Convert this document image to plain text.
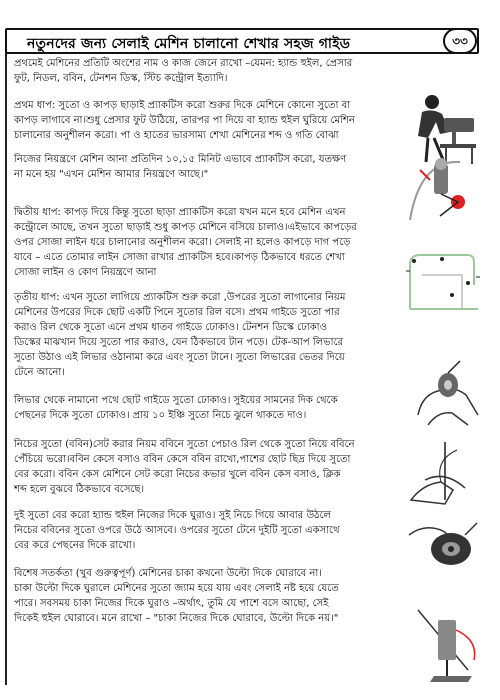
নতুনদের জন্য সেলাই মেশিন চালানো শেখার সহজ গাইড	৩৩
প্রথমেই মেশিনের প্রতিটি অংশের নাম ও কাজ জেনে রাখো –যেমন: হ্যান্ড হুইল, প্রেসার
ফুট, নিডল, ববিন, টেনশন ডিস্ক, স্টিচ কন্ট্রোল ইত্যাদি।
প্রথম ধাপ: সুতো ও কাপড় ছাড়াই প্র্যাকটিস করো শুরুর দিকে মেশিনে কোনো সুতো বা
কাপড় লাগাবে না।শুধু প্রেসার ফুট উঠিয়ে, তারপর পা দিয়ে বা হ্যান্ড হুইল ঘুরিয়ে মেশিন
চালানোর অনুশীলন করো। পা ও হাতের ভারসাম্য শেখা মেশিনের শব্দ ও গতি বোঝা
নিজের নিয়ন্ত্রণে মেশিন আনা প্রতিদিন ১০,১৫ মিনিট এভাবে প্র্যাকটিস করো, যতক্ষণ
না মনে হয় "এখন মেশিন আমার নিয়ন্ত্রণে আছে।"
দ্বিতীয় ধাপ: কাপড় দিয়ে কিন্তু সুতো ছাড়া প্র্যাকটিস করো যখন মনে হবে মেশিন এখন
কন্ট্রোলে আছে, তখন সুতো ছাড়াই শুধু কাপড় মেশিনে বসিয়ে চালাও।এইভাবে কাপড়ের
ওপর সোজা লাইন ধরে চালানোর অনুশীলন করো। সেলাই না হলেও কাপড়ে দাগ পড়ে
যাবে – এতে তোমার লাইন সোজা রাখার প্র্যাকটিস হবে।কাপড় ঠিকভাবে ধরতে শেখা
সোজা লাইন ও কোণ নিয়ন্ত্রণে আনা
তৃতীয় ধাপ: এখন সুতো লাগিয়ে প্র্যাকটিস শুরু করো ,উপরের সুতো লাগানোর নিয়ম
মেশিনের উপরের দিকে ছোট একটি পিনে সুতোর রিল বসে। প্রথম গাইডে সুতো পার
করাও রিল থেকে সুতো এনে প্রথম ধাতব গাইডে ঢোকাও। টেনশন ডিস্কে ঢোকাও
ডিস্কের মাঝখান দিয়ে সুতো পার করাও, যেন ঠিকভাবে টান পড়ে। টেক-আপ লিভারে
সুতো উঠাও এই লিভার ওঠানামা করে এবং সুতো টানে। সুতো লিভারের ভেতর দিয়ে
টেনে আনো।
লিভার থেকে নামানো পথে ছোট গাইডে সুতো ঢোকাও। সুইয়ের সামনের দিক থেকে
পেছনের দিকে সুতো ঢোকাও। প্রায় ১০ ইঞ্চি সুতো নিচে ঝুলে থাকতে দাও।
নিচের সুতো (ববিন)সেট করার নিয়ম ববিনে সুতো পেচাও রিল থেকে সুতো নিয়ে ববিনে
পেঁচিয়ে ভরো।ববিন কেসে বসাও ববিন কেসে ববিন রাখো,পাশের ছোট ছিদ্র দিয়ে সুতো
বের করো। ববিন কেস মেশিনে সেট করো নিচের কভার খুলে ববিন কেস বসাও, ক্লিক
শব্দ হলে বুঝবে ঠিকভাবে বসেছে।
দুই সুতো বের করো হ্যান্ড হুইল নিজের দিকে ঘুরাও। সুই নিচে গিয়ে আবার উঠলে
নিচের ববিনের সুতো ওপরে উঠে আসবে। ওপরের সুতো টেনে দুইটি সুতো একসাথে
বের করে পেছনের দিকে রাখো।
বিশেষ সতর্কতা (খুব গুরুত্বপূর্ণ) মেশিনের চাকা কখনো উল্টো দিকে ঘোরাবে না।
চাকা উল্টো দিকে ঘুরালে মেশিনের সুতো জ্যাম হয়ে যায় এবং সেলাই নষ্ট হয়ে যেতে
পারে। সবসময় চাকা নিজের দিকে ঘুরাও –অর্থাৎ, তুমি যে পাশে বসে আছো, সেই
দিকেই হুইল ঘোরাবে। মনে রাখো – "চাকা নিজের দিকে ঘোরাবে, উল্টো দিকে নয়।"
